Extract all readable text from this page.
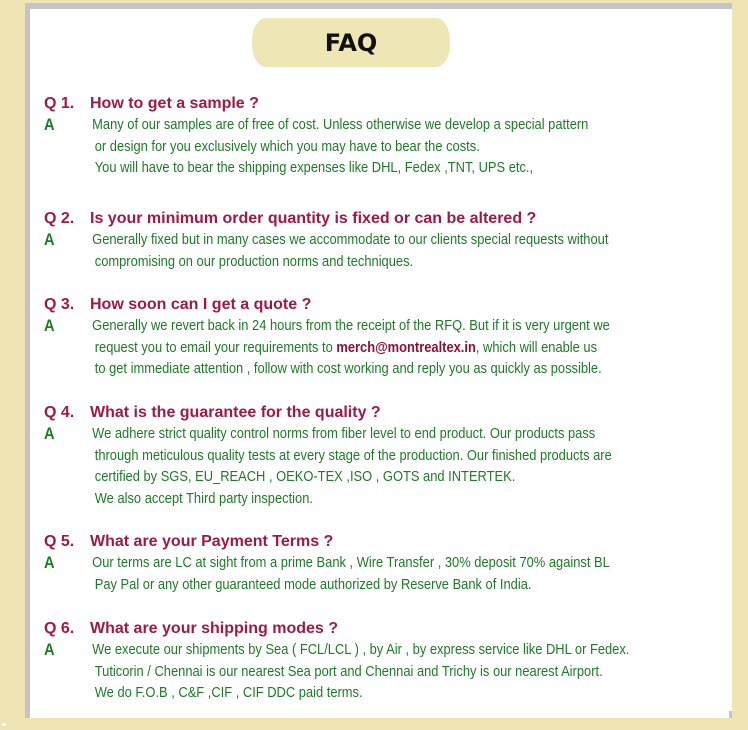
FAQ
Q 1. How to get a sample ?
A	Many of our samples are of free of cost. Unless otherwise we develop a special pattern
or design for you exclusively which you may have to bear the costs.
You will have to bear the shipping expenses like DHL, Fedex ,TNT, UPS etc.,
Q 2. Is your minimum order quantity is fixed or can be altered ?
A	Generally fixed but in many cases we accommodate to our clients special requests without
compromising on our production norms and techniques.
Q 3. How soon can I get a quote ?
A	Generally we revert back in 24 hours from the receipt of the RFQ. But if it is very urgent we
request you to email your requirements to merch@montrealtex.in, which will enable us
to get immediate attention , follow with cost working and reply you as quickly as possible.
Q 4. What is the guarantee for the quality ?
A	We adhere strict quality control norms from fiber level to end product. Our products pass
through meticulous quality tests at every stage of the production. Our finished products are
certified by SGS, EU_REACH , OEKO-TEX ,ISO , GOTS and INTERTEK.
We also accept Third party inspection.
Q 5. What are your Payment Terms ?
A	Our terms are LC at sight from a prime Bank , Wire Transfer , 30% deposit 70% against BL
Pay Pal or any other guaranteed mode authorized by Reserve Bank of India.
Q 6. What are your shipping modes ?
A	We execute our shipments by Sea ( FCL/LCL ) , by Air , by express service like DHL or Fedex.
Tuticorin / Chennai is our nearest Sea port and Chennai and Trichy is our nearest Airport.
We do F.O.B , C&F ,CIF , CIF DDC paid terms.
